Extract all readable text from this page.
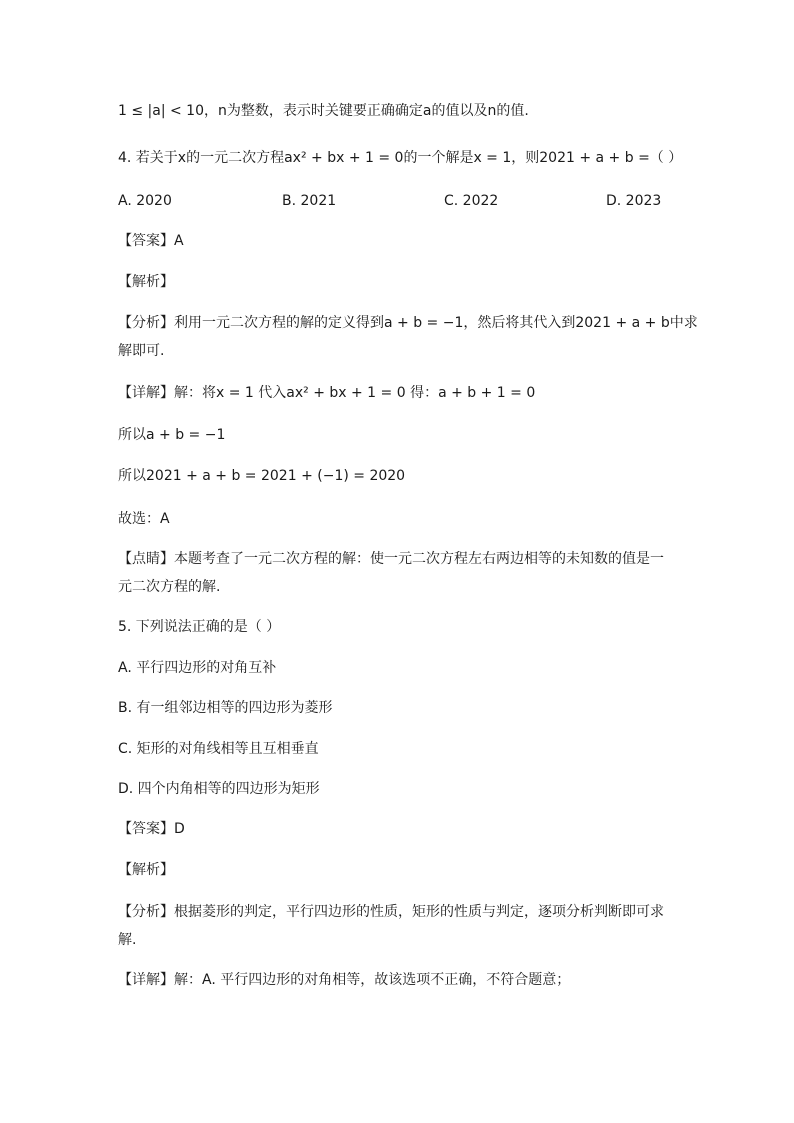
1 ≤ |a| < 10，n为整数，表示时关键要正确确定a的值以及n的值.
4. 若关于x的一元二次方程ax² + bx + 1 = 0的一个解是x = 1，则2021 + a + b =（ ）
A. 2020	B. 2021	C. 2022	D. 2023
【答案】A
【解析】
【分析】利用一元二次方程的解的定义得到a + b = −1，然后将其代入到2021 + a + b中求
解即可.
【详解】解：将x = 1 代入ax² + bx + 1 = 0 得：a + b + 1 = 0
所以a + b = −1
所以2021 + a + b = 2021 + (−1) = 2020
故选：A
【点睛】本题考查了一元二次方程的解：使一元二次方程左右两边相等的未知数的值是一
元二次方程的解.
5. 下列说法正确的是（ ）
A. 平行四边形的对角互补
B. 有一组邻边相等的四边形为菱形
C. 矩形的对角线相等且互相垂直
D. 四个内角相等的四边形为矩形
【答案】D
【解析】
【分析】根据菱形的判定，平行四边形的性质，矩形的性质与判定，逐项分析判断即可求
解.
【详解】解：A. 平行四边形的对角相等，故该选项不正确，不符合题意；
